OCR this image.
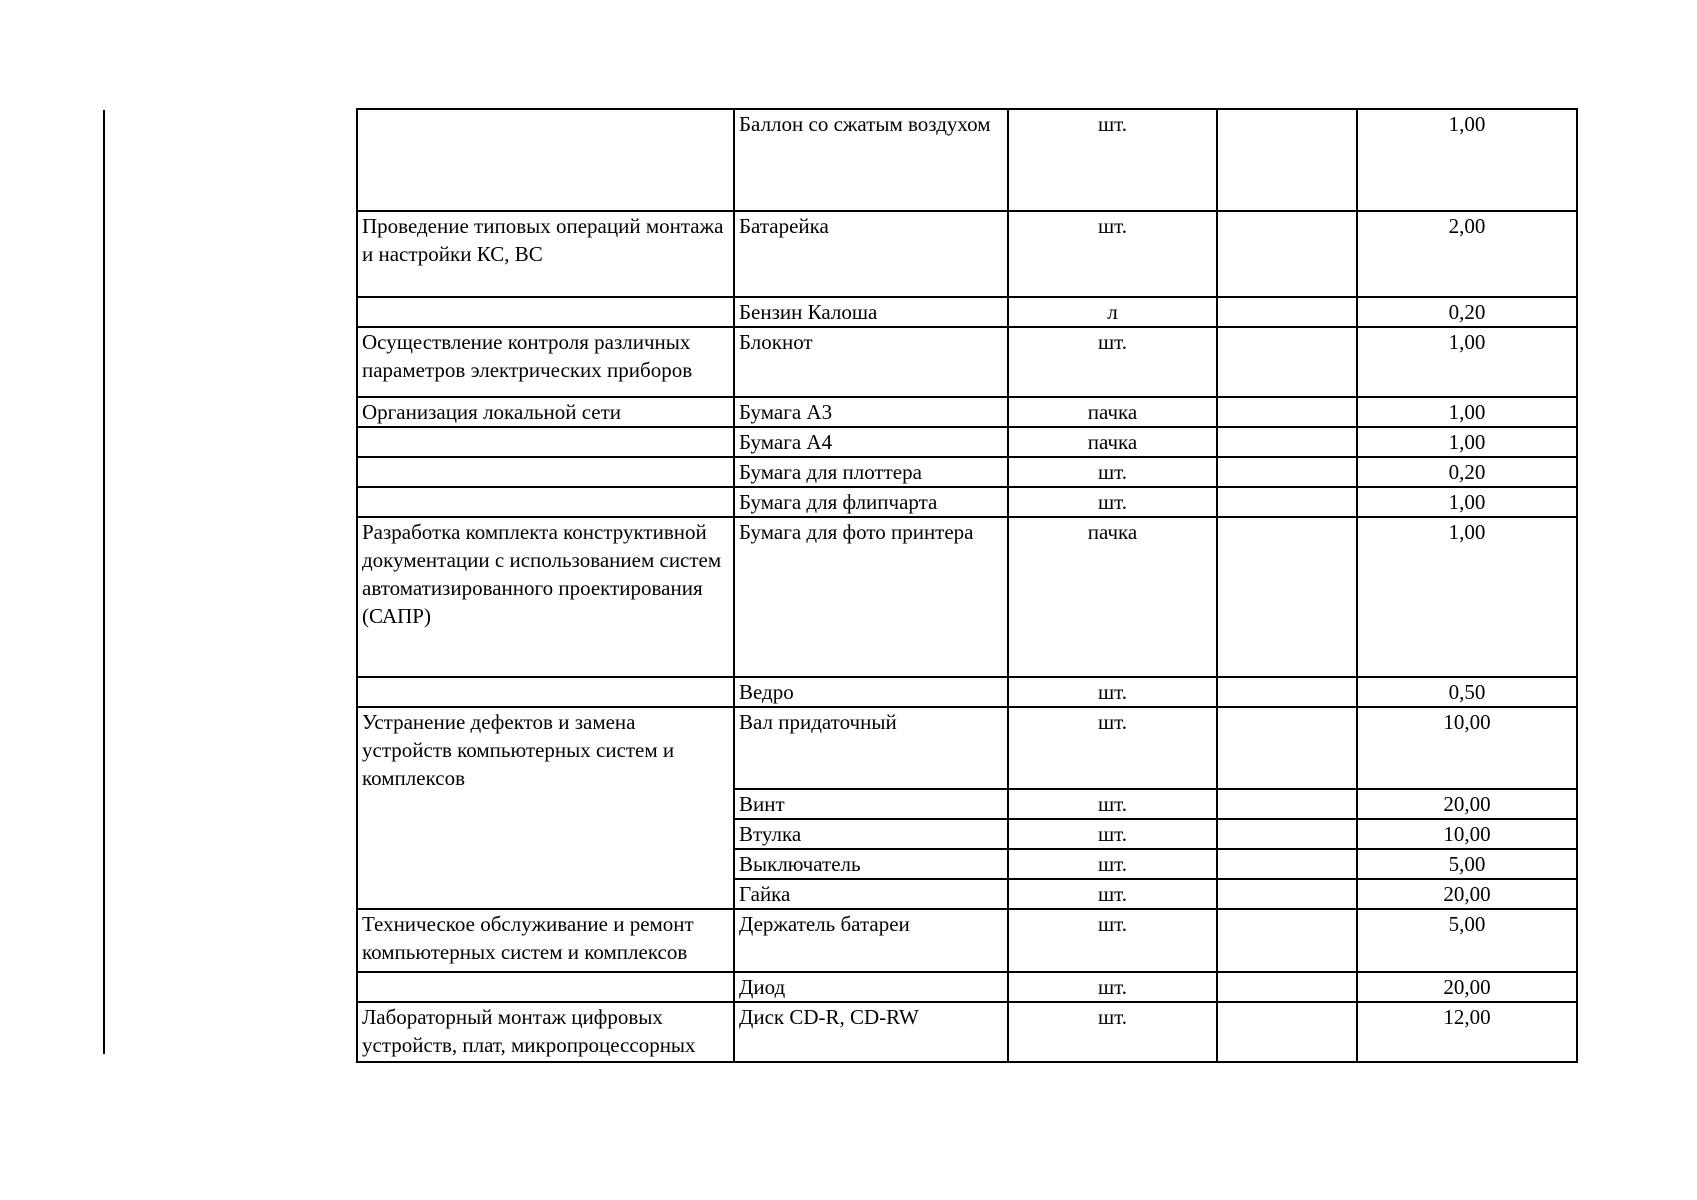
	Баллон со сжатым воздухом	шт.		1,00
Проведение типовых операций монтажа и настройки КС, ВС	Батарейка	шт.		2,00
	Бензин Калоша	л		0,20
Осуществление контроля различных параметров электрических приборов	Блокнот	шт.		1,00
Организация локальной сети	Бумага А3	пачка		1,00
	Бумага А4	пачка		1,00
	Бумага для плоттера	шт.		0,20
	Бумага для флипчарта	шт.		1,00
Разработка комплекта конструктивной документации с использованием систем автоматизированного проектирования (САПР)	Бумага для фото принтера	пачка		1,00
	Ведро	шт.		0,50
Устранение дефектов и замена устройств компьютерных систем и комплексов	Вал придаточный	шт.		10,00
	Винт	шт.		20,00
	Втулка	шт.		10,00
	Выключатель	шт.		5,00
	Гайка	шт.		20,00
Техническое обслуживание и ремонт компьютерных систем и комплексов	Держатель батареи	шт.		5,00
	Диод	шт.		20,00
Лабораторный монтаж цифровых устройств, плат, микропроцессорных	Диск CD-R, CD-RW	шт.		12,00
